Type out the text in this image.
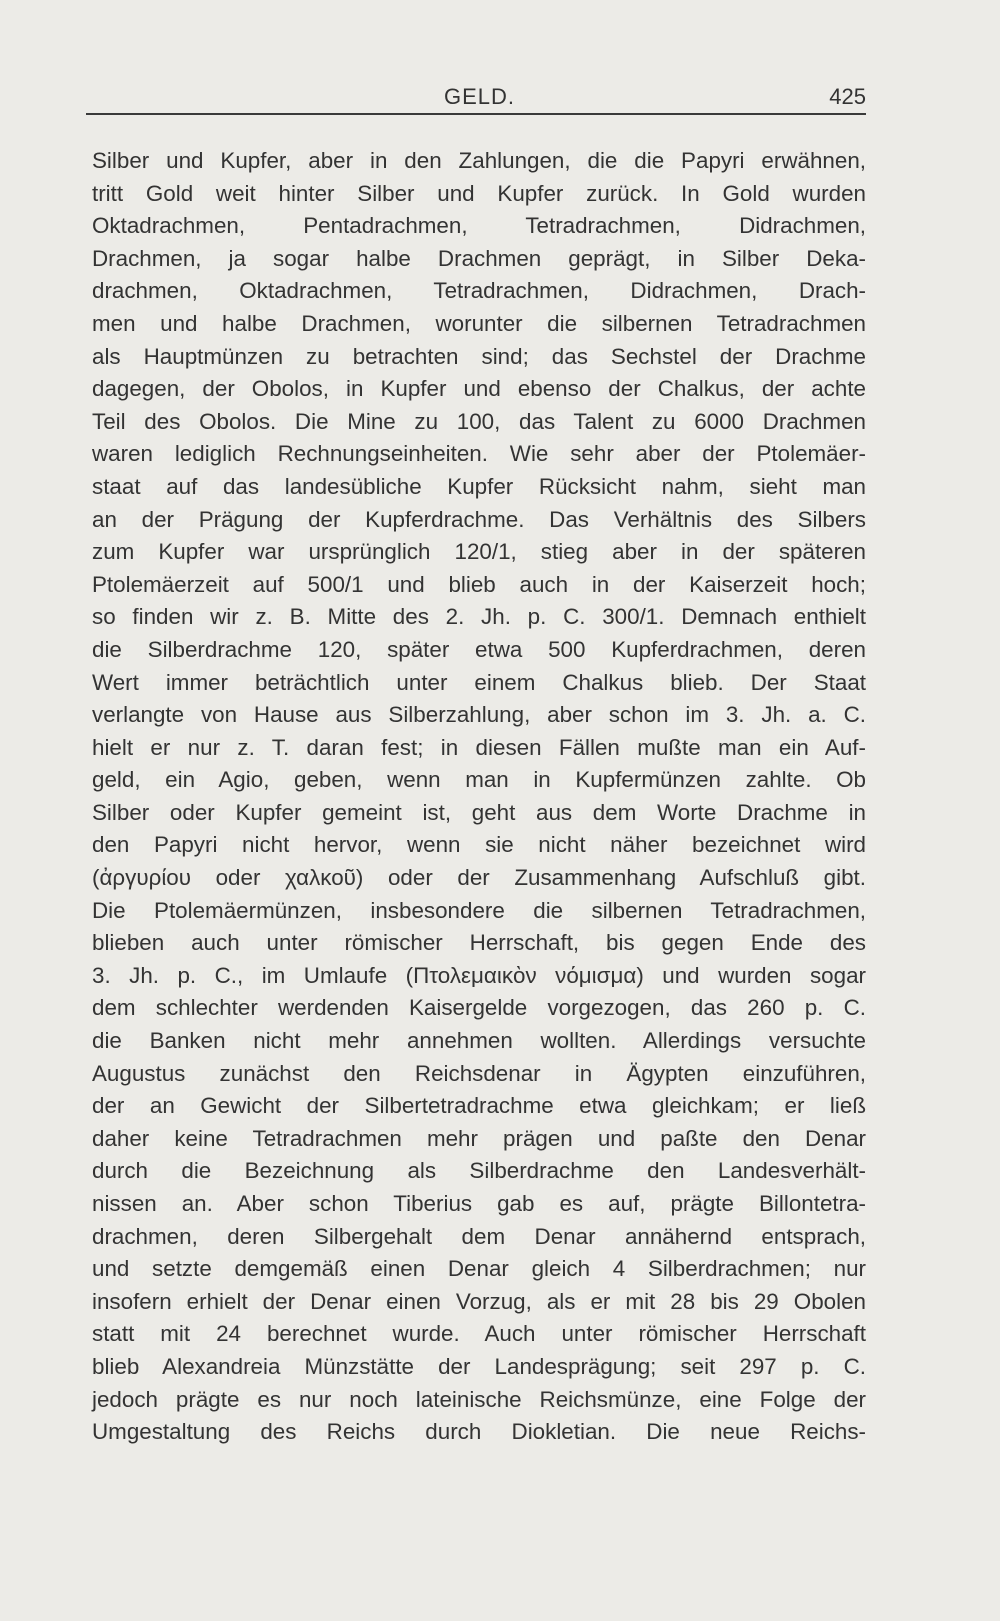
GELD.	425
Silber und Kupfer, aber in den Zahlungen, die die Papyri erwähnen,
tritt Gold weit hinter Silber und Kupfer zurück. In Gold wurden
Oktadrachmen, Pentadrachmen, Tetradrachmen, Didrachmen,
Drachmen, ja sogar halbe Drachmen geprägt, in Silber Deka-
drachmen, Oktadrachmen, Tetradrachmen, Didrachmen, Drach-
men und halbe Drachmen, worunter die silbernen Tetradrachmen
als Hauptmünzen zu betrachten sind; das Sechstel der Drachme
dagegen, der Obolos, in Kupfer und ebenso der Chalkus, der achte
Teil des Obolos. Die Mine zu 100, das Talent zu 6000 Drachmen
waren lediglich Rechnungseinheiten. Wie sehr aber der Ptolemäer-
staat auf das landesübliche Kupfer Rücksicht nahm, sieht man
an der Prägung der Kupferdrachme. Das Verhältnis des Silbers
zum Kupfer war ursprünglich 120/1, stieg aber in der späteren
Ptolemäerzeit auf 500/1 und blieb auch in der Kaiserzeit hoch;
so finden wir z. B. Mitte des 2. Jh. p. C. 300/1. Demnach enthielt
die Silberdrachme 120, später etwa 500 Kupferdrachmen, deren
Wert immer beträchtlich unter einem Chalkus blieb. Der Staat
verlangte von Hause aus Silberzahlung, aber schon im 3. Jh. a. C.
hielt er nur z. T. daran fest; in diesen Fällen mußte man ein Auf-
geld, ein Agio, geben, wenn man in Kupfermünzen zahlte. Ob
Silber oder Kupfer gemeint ist, geht aus dem Worte Drachme in
den Papyri nicht hervor, wenn sie nicht näher bezeichnet wird
(ἀργυρίου oder χαλκοῦ) oder der Zusammenhang Aufschluß gibt.
Die Ptolemäermünzen, insbesondere die silbernen Tetradrachmen,
blieben auch unter römischer Herrschaft, bis gegen Ende des
3. Jh. p. C., im Umlaufe (Πτολεμαικὸν νόμισμα) und wurden sogar
dem schlechter werdenden Kaisergelde vorgezogen, das 260 p. C.
die Banken nicht mehr annehmen wollten. Allerdings versuchte
Augustus zunächst den Reichsdenar in Ägypten einzuführen,
der an Gewicht der Silbertetradrachme etwa gleichkam; er ließ
daher keine Tetradrachmen mehr prägen und paßte den Denar
durch die Bezeichnung als Silberdrachme den Landesverhält-
nissen an. Aber schon Tiberius gab es auf, prägte Billontetra-
drachmen, deren Silbergehalt dem Denar annähernd entsprach,
und setzte demgemäß einen Denar gleich 4 Silberdrachmen; nur
insofern erhielt der Denar einen Vorzug, als er mit 28 bis 29 Obolen
statt mit 24 berechnet wurde. Auch unter römischer Herrschaft
blieb Alexandreia Münzstätte der Landesprägung; seit 297 p. C.
jedoch prägte es nur noch lateinische Reichsmünze, eine Folge der
Umgestaltung des Reichs durch Diokletian. Die neue Reichs-
